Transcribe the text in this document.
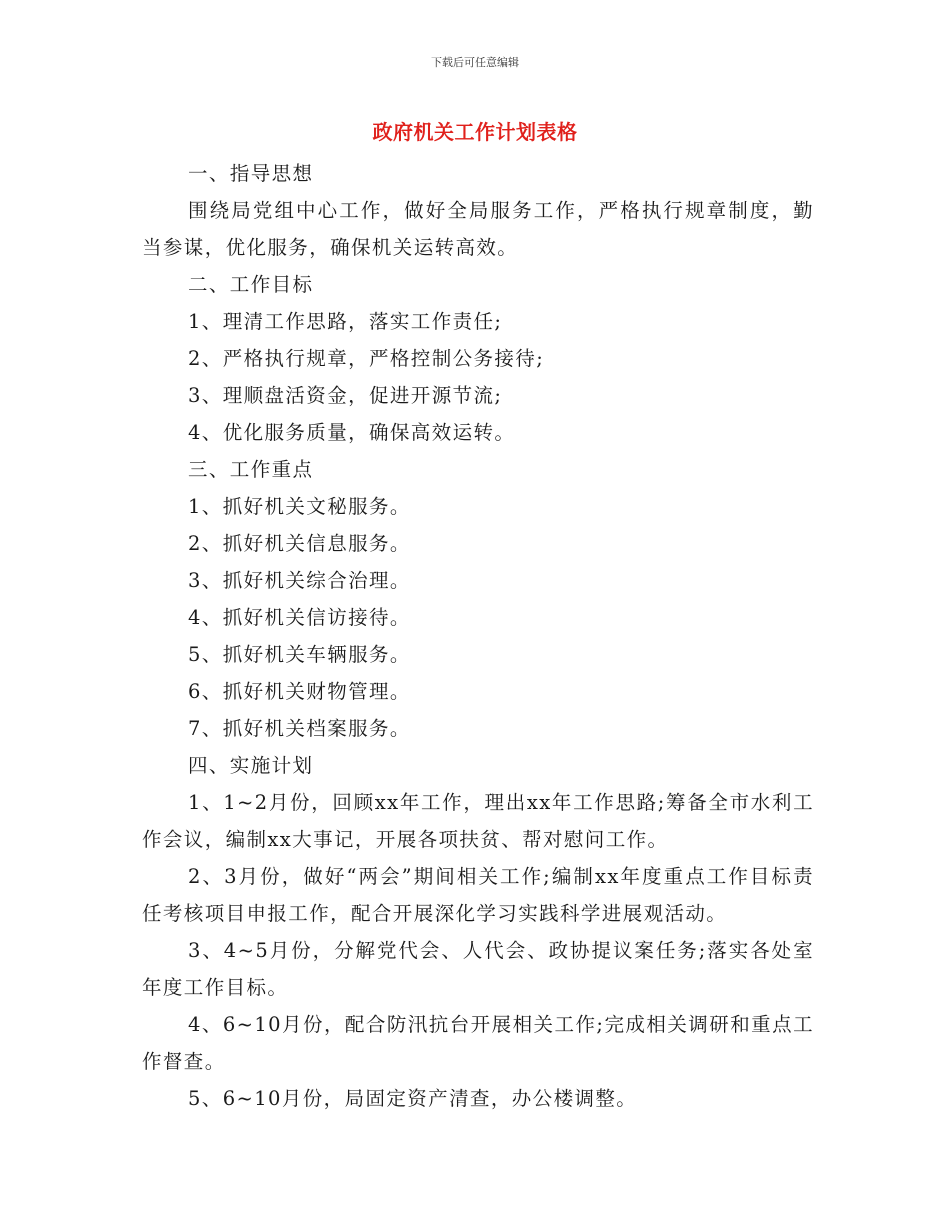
下载后可任意编辑
政府机关工作计划表格

一、指导思想

围绕局党组中心工作，做好全局服务工作，严格执行规章制度，勤当参谋，优化服务，确保机关运转高效。

二、工作目标

1、理清工作思路，落实工作责任;

2、严格执行规章，严格控制公务接待;

3、理顺盘活资金，促进开源节流;

4、优化服务质量，确保高效运转。

三、工作重点

1、抓好机关文秘服务。

2、抓好机关信息服务。

3、抓好机关综合治理。

4、抓好机关信访接待。

5、抓好机关车辆服务。

6、抓好机关财物管理。

7、抓好机关档案服务。

四、实施计划

1、1~2月份，回顾xx年工作，理出xx年工作思路;筹备全市水利工作会议，编制xx大事记，开展各项扶贫、帮对慰问工作。

2、3月份，做好“两会”期间相关工作;编制xx年度重点工作目标责任考核项目申报工作，配合开展深化学习实践科学进展观活动。

3、4~5月份，分解党代会、人代会、政协提议案任务;落实各处室年度工作目标。

4、6~10月份，配合防汛抗台开展相关工作;完成相关调研和重点工作督查。

5、6~10月份，局固定资产清查，办公楼调整。
